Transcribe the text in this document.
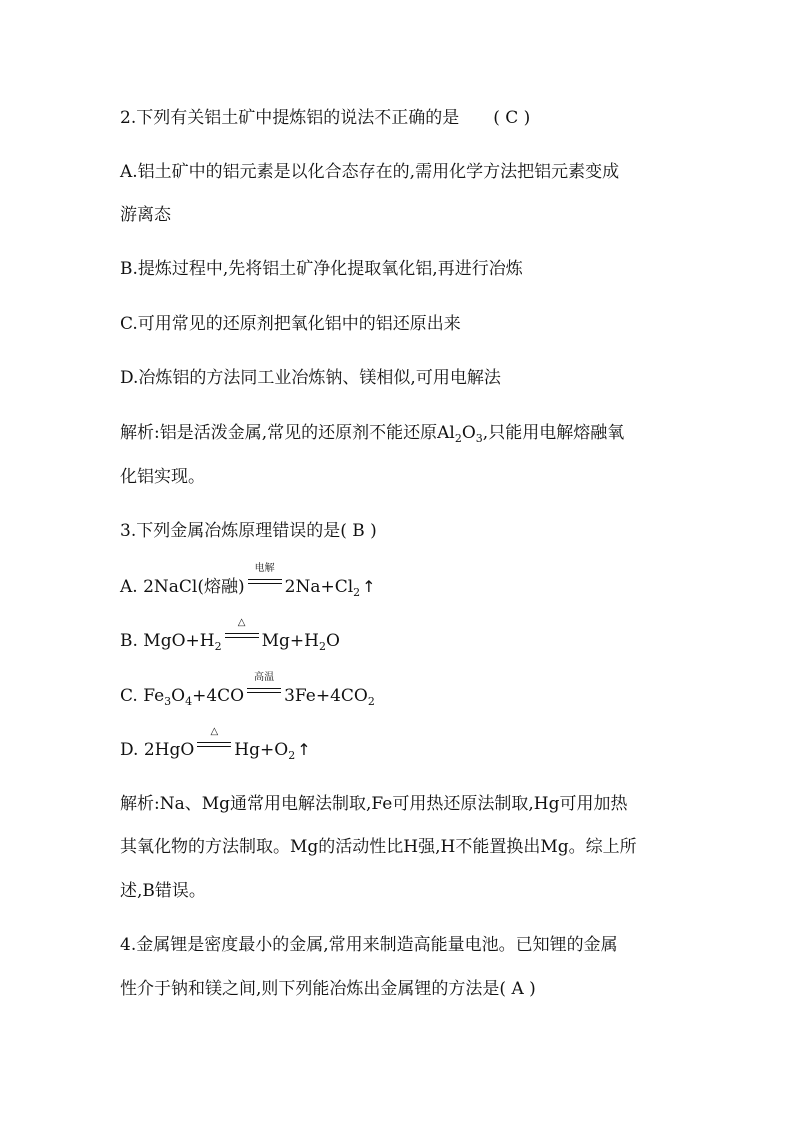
2.下列有关铝土矿中提炼铝的说法不正确的是 ( C )
A.铝土矿中的铝元素是以化合态存在的,需用化学方法把铝元素变成
游离态
B.提炼过程中,先将铝土矿净化提取氧化铝,再进行冶炼
C.可用常见的还原剂把氧化铝中的铝还原出来
D.冶炼铝的方法同工业冶炼钠、镁相似,可用电解法
解析:铝是活泼金属,常见的还原剂不能还原$Al_2O_3$,只能用电解熔融氧
化铝实现。
3.下列金属冶炼原理错误的是( B )
A. 2NaCl(熔融)
电解
$2Na+Cl_2$ ↑
B. $MgO+H_2$
△
$Mg+H_2O$
C. $Fe_3O_4+4CO$
高温
$3Fe+4CO_2$
D. 2HgO
△
$Hg+O_2$ ↑
解析:Na、Mg通常用电解法制取,Fe可用热还原法制取,Hg可用加热
其氧化物的方法制取。Mg的活动性比H强,H不能置换出Mg。综上所
述,B错误。
4.金属锂是密度最小的金属,常用来制造高能量电池。已知锂的金属
性介于钠和镁之间,则下列能冶炼出金属锂的方法是( A )
